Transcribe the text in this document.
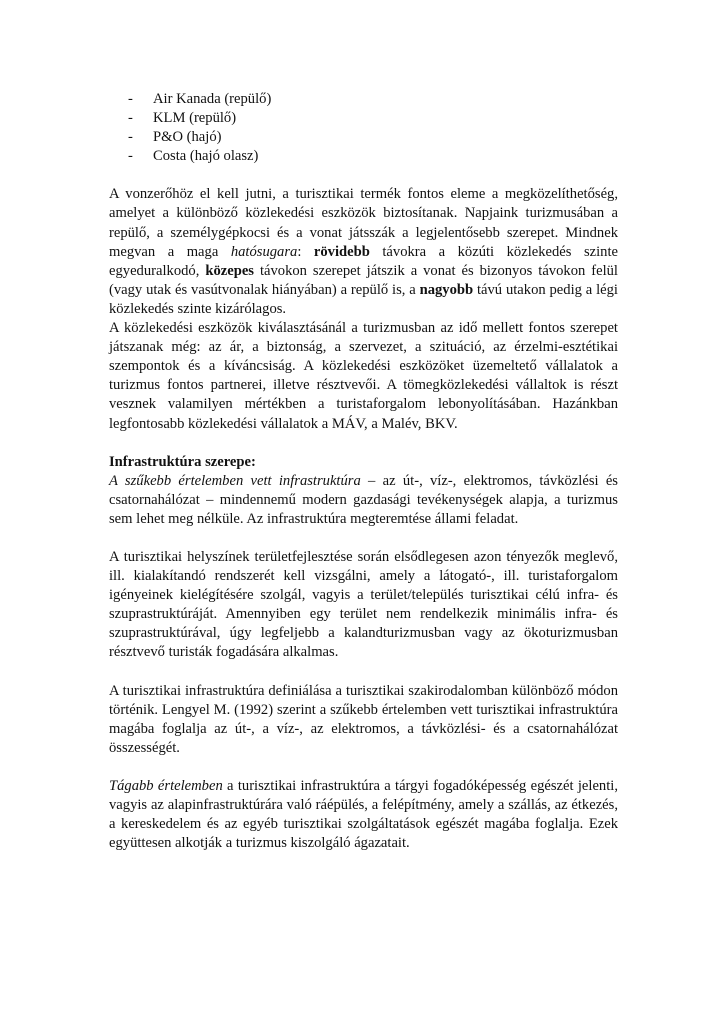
- Air Kanada (repülő)
- KLM (repülő)
- P&O (hajó)
- Costa (hajó olasz)

A vonzerőhöz el kell jutni, a turisztikai termék fontos eleme a megközelíthetőség, amelyet a különböző közlekedési eszközök biztosítanak. Napjaink turizmusában a repülő, a személygépkocsi és a vonat játsszák a legjelentősebb szerepet. Mindnek megvan a maga hatósugara: rövidebb távokra a közúti közlekedés szinte egyeduralkodó, közepes távokon szerepet játszik a vonat és bizonyos távokon felül (vagy utak és vasútvonalak hiányában) a repülő is, a nagyobb távú utakon pedig a légi közlekedés szinte kizárólagos.

A közlekedési eszközök kiválasztásánál a turizmusban az idő mellett fontos szerepet játszanak még: az ár, a biztonság, a szervezet, a szituáció, az érzelmi-esztétikai szempontok és a kíváncsiság. A közlekedési eszközöket üzemeltető vállalatok a turizmus fontos partnerei, illetve résztvevői. A tömegközlekedési vállaltok is részt vesznek valamilyen mértékben a turistaforgalom lebonyolításában. Hazánkban legfontosabb közlekedési vállalatok a MÁV, a Malév, BKV.

Infrastruktúra szerepe:
A szűkebb értelemben vett infrastruktúra – az út-, víz-, elektromos, távközlési és csatornahálózat – mindennemű modern gazdasági tevékenységek alapja, a turizmus sem lehet meg nélküle. Az infrastruktúra megteremtése állami feladat.

A turisztikai helyszínek területfejlesztése során elsődlegesen azon tényezők meglevő, ill. kialakítandó rendszerét kell vizsgálni, amely a látogató-, ill. turistaforgalom igényeinek kielégítésére szolgál, vagyis a terület/település turisztikai célú infra- és szuprastruktúráját. Amennyiben egy terület nem rendelkezik minimális infra- és szuprastruktúrával, úgy legfeljebb a kalandturizmusban vagy az ökoturizmusban résztvevő turisták fogadására alkalmas.

A turisztikai infrastruktúra definiálása a turisztikai szakirodalomban különböző módon történik. Lengyel M. (1992) szerint a szűkebb értelemben vett turisztikai infrastruktúra magába foglalja az út-, a víz-, az elektromos, a távközlési- és a csatornahálózat összességét.

Tágabb értelemben a turisztikai infrastruktúra a tárgyi fogadóképesség egészét jelenti, vagyis az alapinfrastruktúrára való ráépülés, a felépítmény, amely a szállás, az étkezés, a kereskedelem és az egyéb turisztikai szolgáltatások egészét magába foglalja. Ezek együttesen alkotják a turizmus kiszolgáló ágazatait.
